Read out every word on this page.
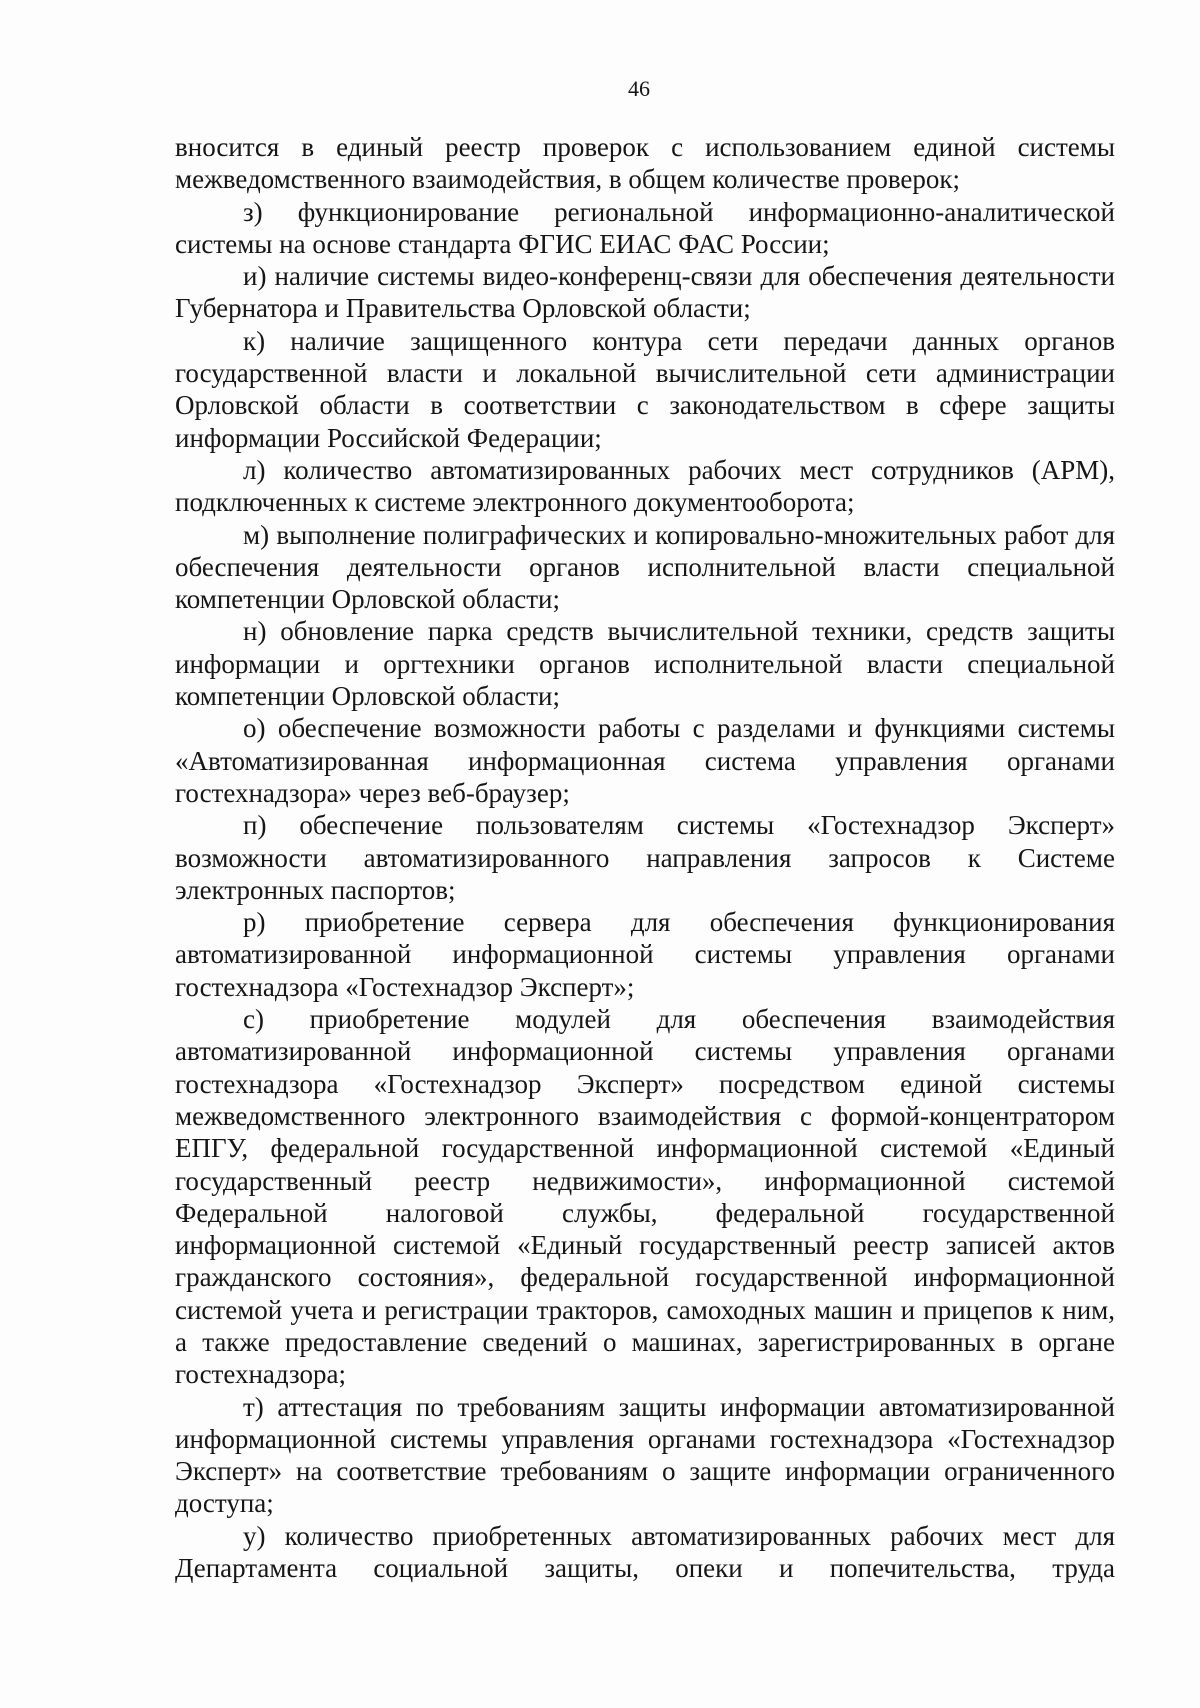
46

вносится в единый реестр проверок с использованием единой системы межведомственного взаимодействия, в общем количестве проверок;

з) функционирование региональной информационно-аналитической системы на основе стандарта ФГИС ЕИАС ФАС России;

и) наличие системы видео-конференц-связи для обеспечения деятельности Губернатора и Правительства Орловской области;

к) наличие защищенного контура сети передачи данных органов государственной власти и локальной вычислительной сети администрации Орловской области в соответствии с законодательством в сфере защиты информации Российской Федерации;

л) количество автоматизированных рабочих мест сотрудников (АРМ), подключенных к системе электронного документооборота;

м) выполнение полиграфических и копировально-множительных работ для обеспечения деятельности органов исполнительной власти специальной компетенции Орловской области;

н) обновление парка средств вычислительной техники, средств защиты информации и оргтехники органов исполнительной власти специальной компетенции Орловской области;

о) обеспечение возможности работы с разделами и функциями системы «Автоматизированная информационная система управления органами гостехнадзора» через веб-браузер;

п) обеспечение пользователям системы «Гостехнадзор Эксперт» возможности автоматизированного направления запросов к Системе электронных паспортов;

р) приобретение сервера для обеспечения функционирования автоматизированной информационной системы управления органами гостехнадзора «Гостехнадзор Эксперт»;

с) приобретение модулей для обеспечения взаимодействия автоматизированной информационной системы управления органами гостехнадзора «Гостехнадзор Эксперт» посредством единой системы межведомственного электронного взаимодействия с формой-концентратором ЕПГУ, федеральной государственной информационной системой «Единый государственный реестр недвижимости», информационной системой Федеральной налоговой службы, федеральной государственной информационной системой «Единый государственный реестр записей актов гражданского состояния», федеральной государственной информационной системой учета и регистрации тракторов, самоходных машин и прицепов к ним, а также предоставление сведений о машинах, зарегистрированных в органе гостехнадзора;

т) аттестация по требованиям защиты информации автоматизированной информационной системы управления органами гостехнадзора «Гостехнадзор Эксперт» на соответствие требованиям о защите информации ограниченного доступа;

у) количество приобретенных автоматизированных рабочих мест для Департамента социальной защиты, опеки и попечительства, труда
